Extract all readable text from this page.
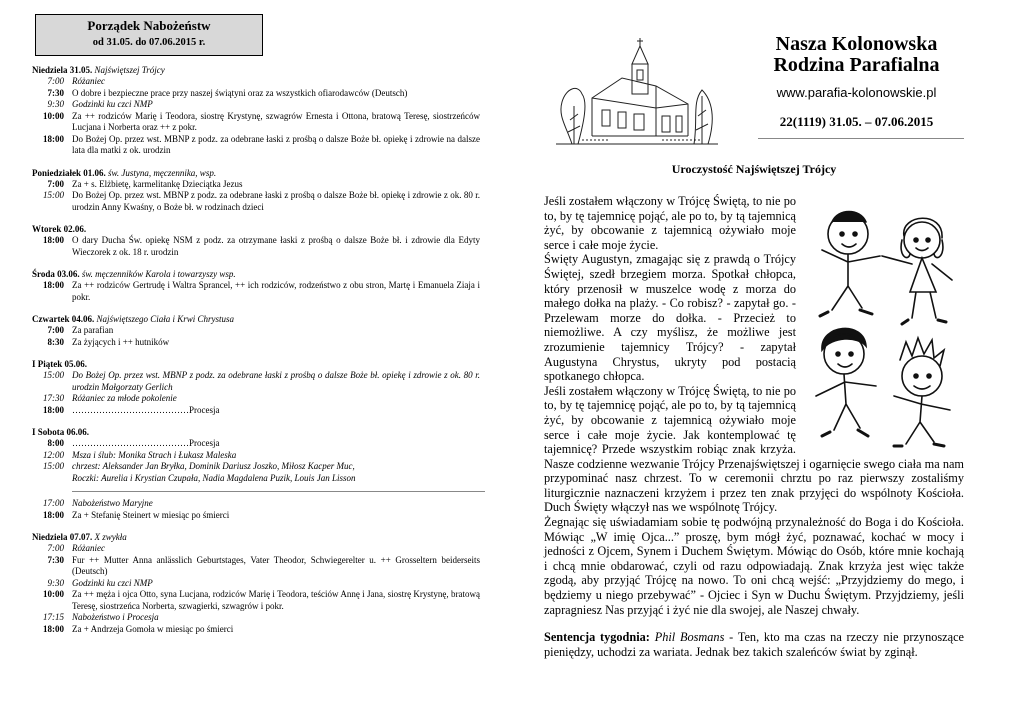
Porządek Nabożeństw
od 31.05. do 07.06.2015 r.
Niedziela 31.05. Najświętszej Trójcy
7:00 Różaniec
7:30 O dobre i bezpieczne prace przy naszej świątyni oraz za wszystkich ofiarodawców (Deutsch)
9:30 Godzinki ku czci NMP
10:00 Za ++ rodziców Marię i Teodora, siostrę Krystynę, szwagrów Ernesta i Ottona, bratową Teresę, siostrzeńców Lucjana i Norberta oraz ++ z pokr.
18:00 Do Bożej Op. przez wst. MBNP z podz. za odebrane łaski z prośbą o dalsze Boże bł. opiekę i zdrowie na dalsze lata dla matki z ok. urodzin
Poniedziałek 01.06. św. Justyna, męczennika, wsp.
7:00 Za + s. Elżbietę, karmelitankę Dzieciątka Jezus
15:00 Do Bożej Op. przez wst. MBNP z podz. za odebrane łaski z prośbą o dalsze Boże bł. opiekę i zdrowie z ok. 80 r. urodzin Anny Kwaśny, o Boże bł. w rodzinach dzieci
Wtorek 02.06.
18:00 O dary Ducha Św. opiekę NSM z podz. za otrzymane łaski z prośbą o dalsze Boże bł. i zdrowie dla Edyty Wieczorek z ok. 18 r. urodzin
Środa 03.06. św. męczenników Karola i towarzyszy wsp.
18:00 Za ++ rodziców Gertrudę i Waltra Sprancel, ++ ich rodziców, rodzeństwo z obu stron, Martę i Emanuela Ziaja i pokr.
Czwartek 04.06. Najświętszego Ciała i Krwi Chrystusa
7:00 Za parafian
8:30 Za żyjących i ++ hutników
I Piątek 05.06.
15:00 Do Bożej Op. przez wst. MBNP z podz. za odebrane łaski z prośbą o dalsze Boże bł. opiekę i zdrowie z ok. 80 r. urodzin Małgorzaty Gerlich
17:30 Różaniec za młode pokolenie
18:00 …………………………………Procesja
I Sobota 06.06.
8:00 …………………………………Procesja
12:00 Msza i ślub: Monika Strach i Łukasz Maleska
15:00 chrzest: Aleksander Jan Bryłka, Dominik Dariusz Joszko, Miłosz Kacper Muc,
Roczki: Aurelia i Krystian Czupała, Nadia Magdalena Puzik, Louis Jan Lisson
17:00 Nabożeństwo Maryjne
18:00 Za + Stefanię Steinert w miesiąc po śmierci
Niedziela 07.07. X zwykła
7:00 Różaniec
7:30 Fur ++ Mutter Anna anlässlich Geburtstages, Vater Theodor, Schwiegerelter u. ++ Grosseltern beiderseits (Deutsch)
9:30 Godzinki ku czci NMP
10:00 Za ++ męża i ojca Otto, syna Lucjana, rodziców Marię i Teodora, teściów Annę i Jana, siostrę Krystynę, bratową Teresę, siostrzeńca Norberta, szwagierki, szwagrów i pokr.
17:15 Nabożeństwo i Procesja
18:00 Za + Andrzeja Gomoła w miesiąc po śmierci
Nasza Kolonowska
Rodzina Parafialna
www.parafia-kolonowskie.pl
22(1119) 31.05. – 07.06.2015
Uroczystość Najświętszej Trójcy

Jeśli zostałem włączony w Trójcę Świętą, to nie po to, by tę tajemnicę pojąć, ale po to, by tą tajemnicą żyć, by obcowanie z tajemnicą ożywiało moje serce i całe moje życie.

Święty Augustyn, zmagając się z prawdą o Trójcy Świętej, szedł brzegiem morza. Spotkał chłopca, który przenosił w muszelce wodę z morza do małego dołka na plaży. - Co robisz? - zapytał go. - Przelewam morze do dołka. - Przecież to niemożliwe. A czy myślisz, że możliwe jest zrozumienie tajemnicy Trójcy? - zapytał Augustyna Chrystus, ukryty pod postacią spotkanego chłopca.

Jeśli zostałem włączony w Trójcę Świętą, to nie po to, by tę tajemnicę pojąć, ale po to, by tą tajemnicą żyć, by obcowanie z tajemnicą ożywiało moje serce i całe moje życie. Jak kontemplować tę tajemnicę? Przede wszystkim robiąc znak krzyża. Nasze codzienne wezwanie Trójcy Przenajświętszej i ogarnięcie swego ciała ma nam przypominać nasz chrzest. To w ceremonii chrztu po raz pierwszy zostaliśmy liturgicznie naznaczeni krzyżem i przez ten znak przyjęci do wspólnoty Kościoła. Duch Święty włączył nas we wspólnotę Trójcy.

Żegnając się uświadamiam sobie tę podwójną przynależność do Boga i do Kościoła. Mówiąc „W imię Ojca...” proszę, bym mógł żyć, poznawać, kochać w mocy i jedności z Ojcem, Synem i Duchem Świętym. Mówiąc do Osób, które mnie kochają i chcą mnie obdarować, czyli od razu odpowiadają. Znak krzyża jest więc także zgodą, aby przyjąć Trójcę na nowo. To oni chcą wejść: „Przyjdziemy do mego, i będziemy u niego przebywać” - Ojciec i Syn w Duchu Świętym. Przyjdziemy, jeśli zapragniesz Nas przyjąć i żyć nie dla swojej, ale Naszej chwały.

Sentencja tygodnia: Phil Bosmans - Ten, kto ma czas na rzeczy nie przynoszące pieniędzy, uchodzi za wariata. Jednak bez takich szaleńców świat by zginął.
